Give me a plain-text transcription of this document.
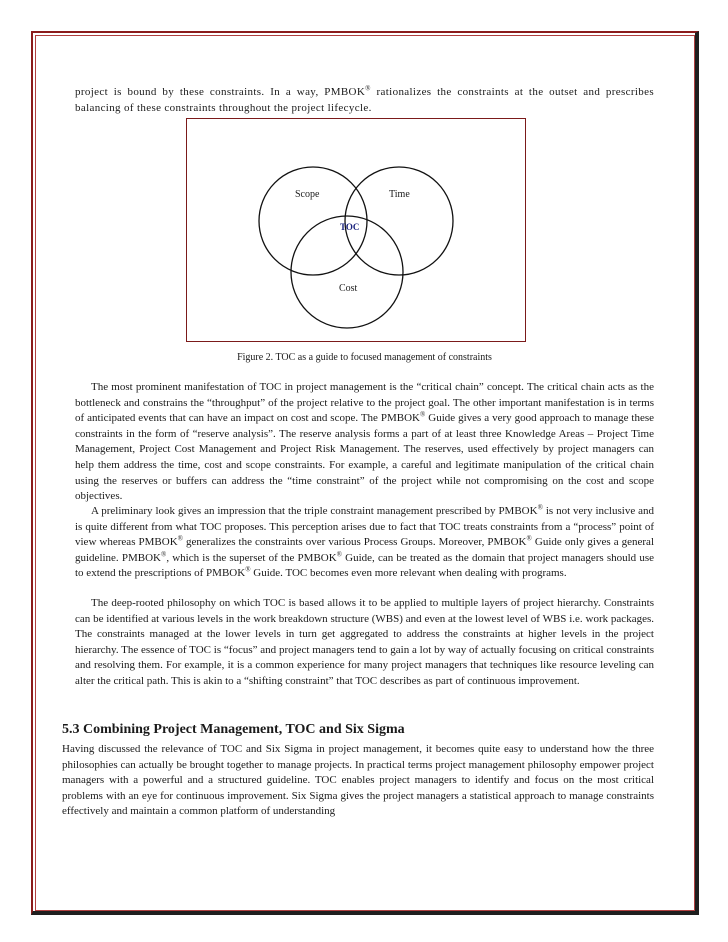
project is bound by these constraints. In a way, PMBOK® rationalizes the constraints at the outset and prescribes balancing of these constraints throughout the project lifecycle.

Scope	Time
TOC
Cost

Figure 2. TOC as a guide to focused management of constraints

The most prominent manifestation of TOC in project management is the “critical chain” concept. The critical chain acts as the bottleneck and constrains the “throughput” of the project relative to the project goal. The other important manifestation is in terms of anticipated events that can have an impact on cost and scope. The PMBOK® Guide gives a very good approach to manage these constraints in the form of “reserve analysis”. The reserve analysis forms a part of at least three Knowledge Areas – Project Time Management, Project Cost Management and Project Risk Management. The reserves, used effectively by project managers can help them address the time, cost and scope constraints. For example, a careful and legitimate manipulation of the critical chain using the reserves or buffers can address the “time constraint” of the project while not compromising on the cost and scope objectives.

A preliminary look gives an impression that the triple constraint management prescribed by PMBOK® is not very inclusive and is quite different from what TOC proposes. This perception arises due to fact that TOC treats constraints from a “process” point of view whereas PMBOK® generalizes the constraints over various Process Groups. Moreover, PMBOK® Guide only gives a general guideline. PMBOK®, which is the superset of the PMBOK® Guide, can be treated as the domain that project managers should use to extend the prescriptions of PMBOK® Guide. TOC becomes even more relevant when dealing with programs.

The deep-rooted philosophy on which TOC is based allows it to be applied to multiple layers of project hierarchy. Constraints can be identified at various levels in the work breakdown structure (WBS) and even at the lowest level of WBS i.e. work packages. The constraints managed at the lower levels in turn get aggregated to address the constraints at higher levels in the project hierarchy. The essence of TOC is “focus” and project managers tend to gain a lot by way of actually focusing on critical constraints and resolving them. For example, it is a common experience for many project managers that techniques like resource leveling can alter the critical path. This is akin to a “shifting constraint” that TOC describes as part of continuous improvement.

5.3 Combining Project Management, TOC and Six Sigma

Having discussed the relevance of TOC and Six Sigma in project management, it becomes quite easy to understand how the three philosophies can actually be brought together to manage projects. In practical terms project management philosophy empower project managers with a powerful and a structured guideline. TOC enables project managers to identify and focus on the most critical problems with an eye for continuous improvement. Six Sigma gives the project managers a statistical approach to manage constraints effectively and maintain a common platform of understanding
